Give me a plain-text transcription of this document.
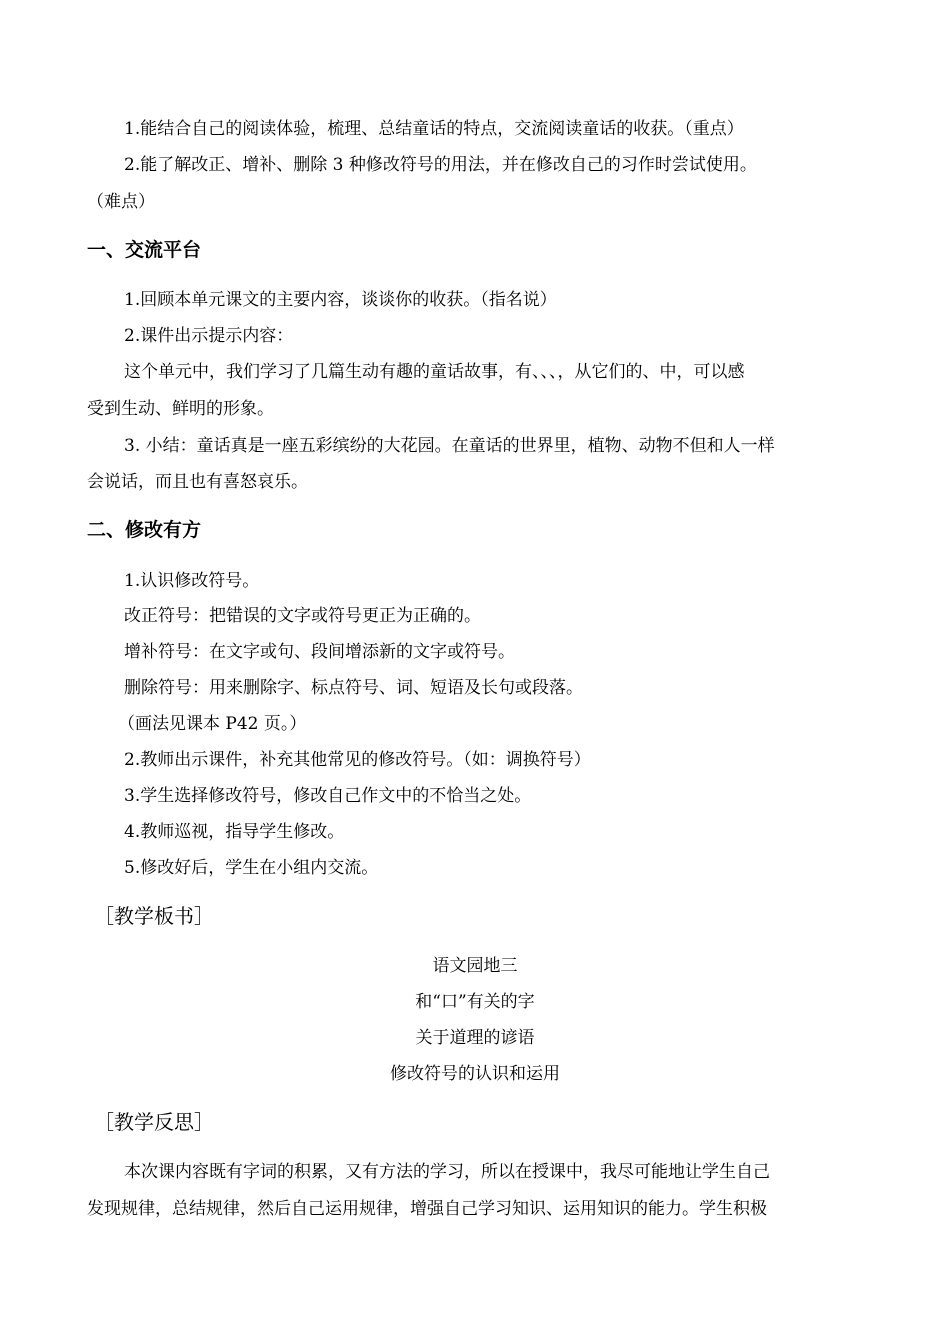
1.能结合自己的阅读体验，梳理、总结童话的特点，交流阅读童话的收获。（重点）
2.能了解改正、增补、删除 3 种修改符号的用法，并在修改自己的习作时尝试使用。
（难点）
一、交流平台
1.回顾本单元课文的主要内容，谈谈你的收获。（指名说）
2.课件出示提示内容：
这个单元中，我们学习了几篇生动有趣的童话故事，有、、、，从它们的、中，可以感
受到生动、鲜明的形象。
3. 小结：童话真是一座五彩缤纷的大花园。在童话的世界里，植物、动物不但和人一样
会说话，而且也有喜怒哀乐。
二、修改有方
1.认识修改符号。
改正符号：把错误的文字或符号更正为正确的。
增补符号：在文字或句、段间增添新的文字或符号。
删除符号：用来删除字、标点符号、词、短语及长句或段落。
（画法见课本 P42 页。）
2.教师出示课件，补充其他常见的修改符号。（如：调换符号）
3.学生选择修改符号，修改自己作文中的不恰当之处。
4.教师巡视，指导学生修改。
5.修改好后，学生在小组内交流。
［教学板书］
语文园地三
和“口”有关的字
关于道理的谚语
修改符号的认识和运用
［教学反思］
本次课内容既有字词的积累，又有方法的学习，所以在授课中，我尽可能地让学生自己
发现规律，总结规律，然后自己运用规律，增强自己学习知识、运用知识的能力。学生积极
